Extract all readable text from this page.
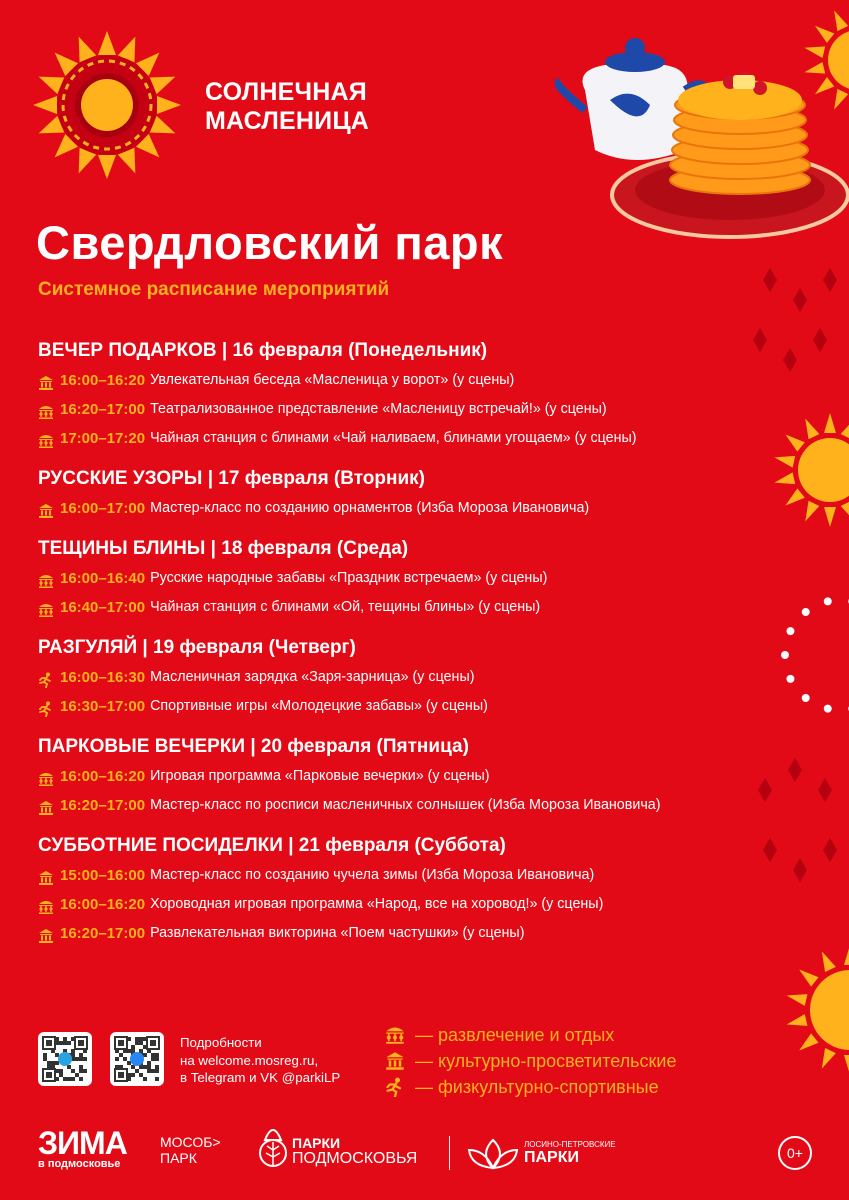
СОЛНЕЧНАЯ
МАСЛЕНИЦА
Свердловский парк
Системное расписание мероприятий
ВЕЧЕР ПОДАРКОВ | 16 февраля (Понедельник)
16:00–16:20 Увлекательная беседа «Масленица у ворот» (у сцены)
16:20–17:00 Театрализованное представление «Масленицу встречай!» (у сцены)
17:00–17:20 Чайная станция с блинами «Чай наливаем, блинами угощаем» (у сцены)
РУССКИЕ УЗОРЫ | 17 февраля (Вторник)
16:00–17:00 Мастер-класс по созданию орнаментов (Изба Мороза Ивановича)
ТЕЩИНЫ БЛИНЫ | 18 февраля (Среда)
16:00–16:40 Русские народные забавы «Праздник встречаем» (у сцены)
16:40–17:00 Чайная станция с блинами «Ой, тещины блины» (у сцены)
РАЗГУЛЯЙ | 19 февраля (Четверг)
16:00–16:30 Масленичная зарядка «Заря-зарница» (у сцены)
16:30–17:00 Спортивные игры «Молодецкие забавы» (у сцены)
ПАРКОВЫЕ ВЕЧЕРКИ | 20 февраля (Пятница)
16:00–16:20 Игровая программа «Парковые вечерки» (у сцены)
16:20–17:00 Мастер-класс по росписи масленичных солнышек (Изба Мороза Ивановича)
СУББОТНИЕ ПОСИДЕЛКИ | 21 февраля (Суббота)
15:00–16:00 Мастер-класс по созданию чучела зимы (Изба Мороза Ивановича)
16:00–16:20 Хороводная игровая программа «Народ, все на хоровод!» (у сцены)
16:20–17:00 Развлекательная викторина «Поем частушки» (у сцены)
Подробности
на welcome.mosreg.ru,
в Telegram и VK @parkiLP
— развлечение и отдых
— культурно-просветительские
— физкультурно-спортивные
ЗИМА
в подмосковье
МОСОБ>
ПАРК
ПАРКИ
ПОДМОСКОВЬЯ
ЛОСИНО-ПЕТРОВСКИЕ
ПАРКИ	0+
